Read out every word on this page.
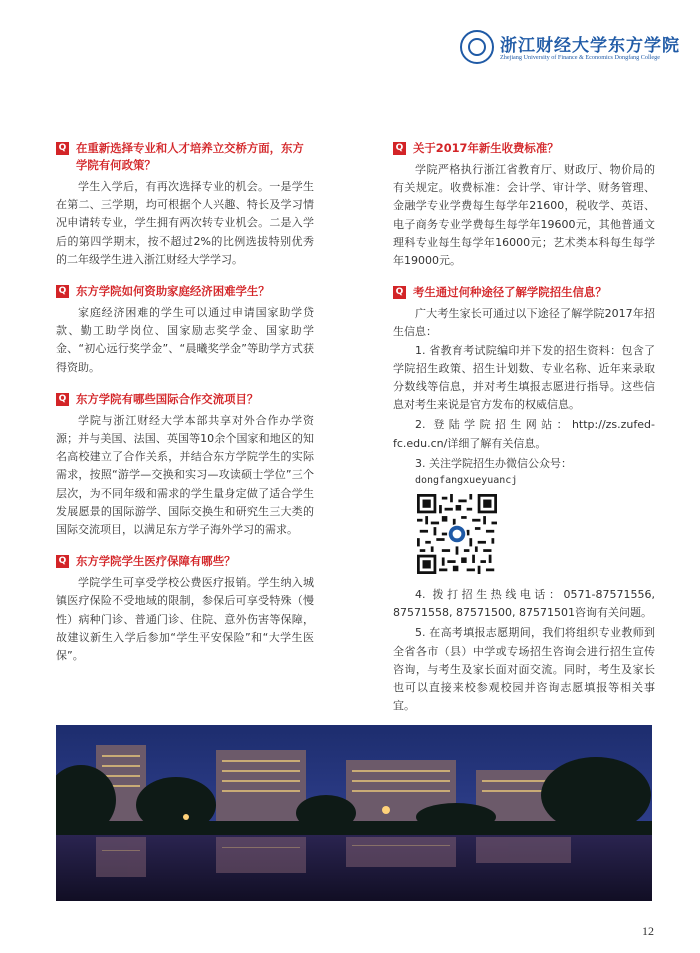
浙江财经大学东方学院
Zhejiang University of Finance & Economics Dongfang College
Q 在重新选择专业和人才培养立交桥方面，东方学院有何政策？
学生入学后，有再次选择专业的机会。一是学生在第二、三学期，均可根据个人兴趣、特长及学习情况申请转专业，学生拥有两次转专业机会。二是入学后的第四学期末，按不超过2%的比例选拔特别优秀的二年级学生进入浙江财经大学学习。
Q 东方学院如何资助家庭经济困难学生？
家庭经济困难的学生可以通过申请国家助学贷款、勤工助学岗位、国家励志奖学金、国家助学金、“初心远行奖学金”、“晨曦奖学金”等助学方式获得资助。
Q 东方学院有哪些国际合作交流项目？
学院与浙江财经大学本部共享对外合作办学资源；并与美国、法国、英国等10余个国家和地区的知名高校建立了合作关系，并结合东方学院学生的实际需求，按照“游学—交换和实习—攻读硕士学位”三个层次，为不同年级和需求的学生量身定做了适合学生发展愿景的国际游学、国际交换生和研究生三大类的国际交流项目，以满足东方学子海外学习的需求。
Q 东方学院学生医疗保障有哪些？
学院学生可享受学校公费医疗报销。学生纳入城镇医疗保险不受地域的限制，参保后可享受特殊（慢性）病种门诊、普通门诊、住院、意外伤害等保障，故建议新生入学后参加“学生平安保险”和“大学生医保”。
Q 关于2017年新生收费标准？
学院严格执行浙江省教育厅、财政厅、物价局的有关规定。收费标准：会计学、审计学、财务管理、金融学专业学费每生每学年21600，税收学、英语、电子商务专业学费每生每学年19600元，其他普通文理科专业每生每学年16000元；艺术类本科每生每学年19000元。
Q 考生通过何种途径了解学院招生信息？
广大考生家长可通过以下途径了解学院2017年招生信息：

1. 省教育考试院编印并下发的招生资料：包含了学院招生政策、招生计划数、专业名称、近年来录取分数线等信息，并对考生填报志愿进行指导。这些信息对考生来说是官方发布的权威信息。

2. 登陆学院招生网站：http://zs.zufed-fc.edu.cn/详细了解有关信息。

3. 关注学院招生办微信公众号：

dongfangxueyuancj

4. 拨打招生热线电话：0571-87571556, 87571558, 87571500, 87571501咨询有关问题。

5. 在高考填报志愿期间，我们将组织专业教师到全省各市（县）中学或专场招生咨询会进行招生宣传咨询，与考生及家长面对面交流。同时，考生及家长也可以直接来校参观校园并咨询志愿填报等相关事宜。

12
